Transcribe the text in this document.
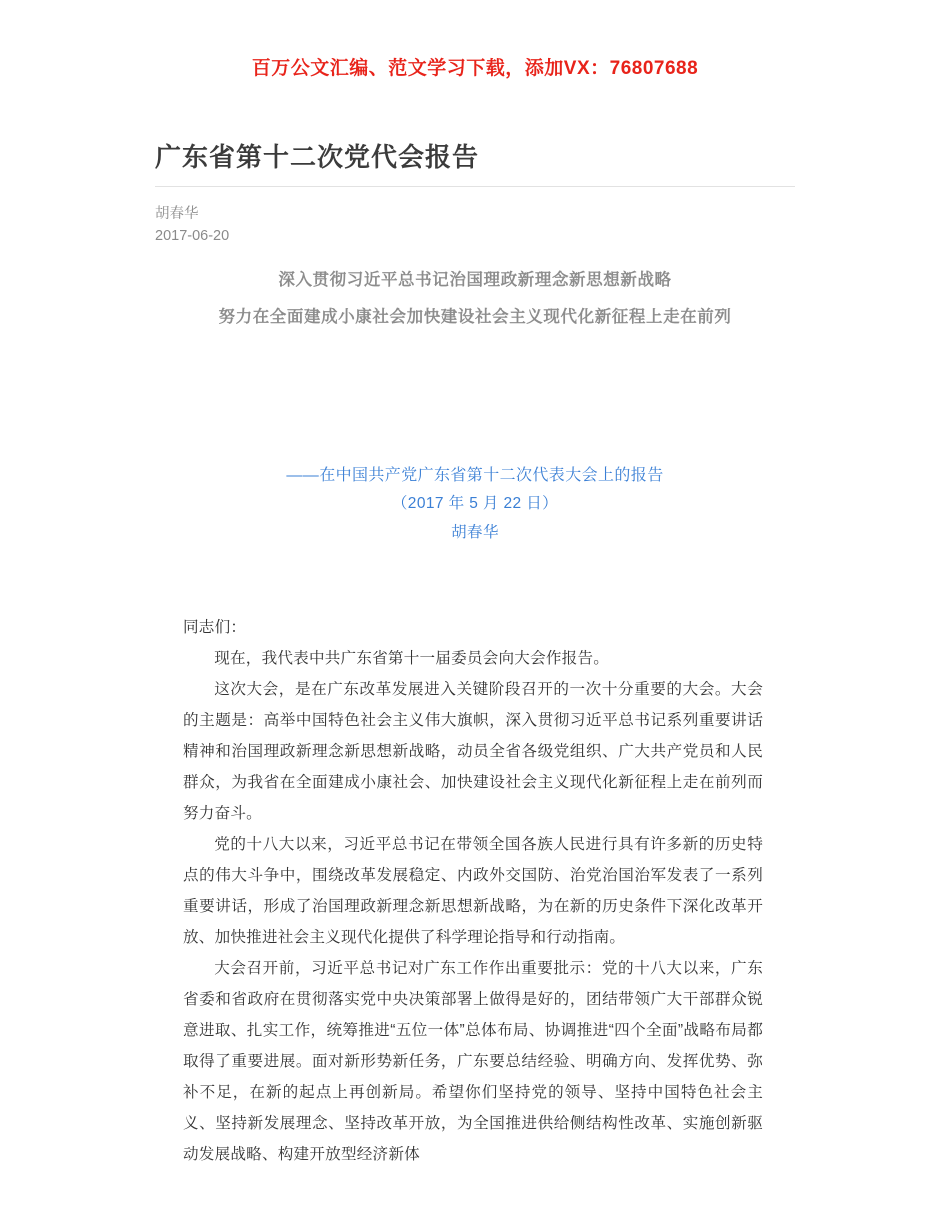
百万公文汇编、范文学习下载，添加VX：76807688
广东省第十二次党代会报告
胡春华
2017-06-20
深入贯彻习近平总书记治国理政新理念新思想新战略
努力在全面建成小康社会加快建设社会主义现代化新征程上走在前列
——在中国共产党广东省第十二次代表大会上的报告
（2017 年 5 月 22 日）
胡春华

同志们：

现在，我代表中共广东省第十一届委员会向大会作报告。

这次大会，是在广东改革发展进入关键阶段召开的一次十分重要的大会。大会的主题是：高举中国特色社会主义伟大旗帜，深入贯彻习近平总书记系列重要讲话精神和治国理政新理念新思想新战略，动员全省各级党组织、广大共产党员和人民群众，为我省在全面建成小康社会、加快建设社会主义现代化新征程上走在前列而努力奋斗。

党的十八大以来，习近平总书记在带领全国各族人民进行具有许多新的历史特点的伟大斗争中，围绕改革发展稳定、内政外交国防、治党治国治军发表了一系列重要讲话，形成了治国理政新理念新思想新战略，为在新的历史条件下深化改革开放、加快推进社会主义现代化提供了科学理论指导和行动指南。

大会召开前，习近平总书记对广东工作作出重要批示：党的十八大以来，广东省委和省政府在贯彻落实党中央决策部署上做得是好的，团结带领广大干部群众锐意进取、扎实工作，统筹推进“五位一体”总体布局、协调推进“四个全面”战略布局都取得了重要进展。面对新形势新任务，广东要总结经验、明确方向、发挥优势、弥补不足，在新的起点上再创新局。希望你们坚持党的领导、坚持中国特色社会主义、坚持新发展理念、坚持改革开放，为全国推进供给侧结构性改革、实施创新驱动发展战略、构建开放型经济新体
